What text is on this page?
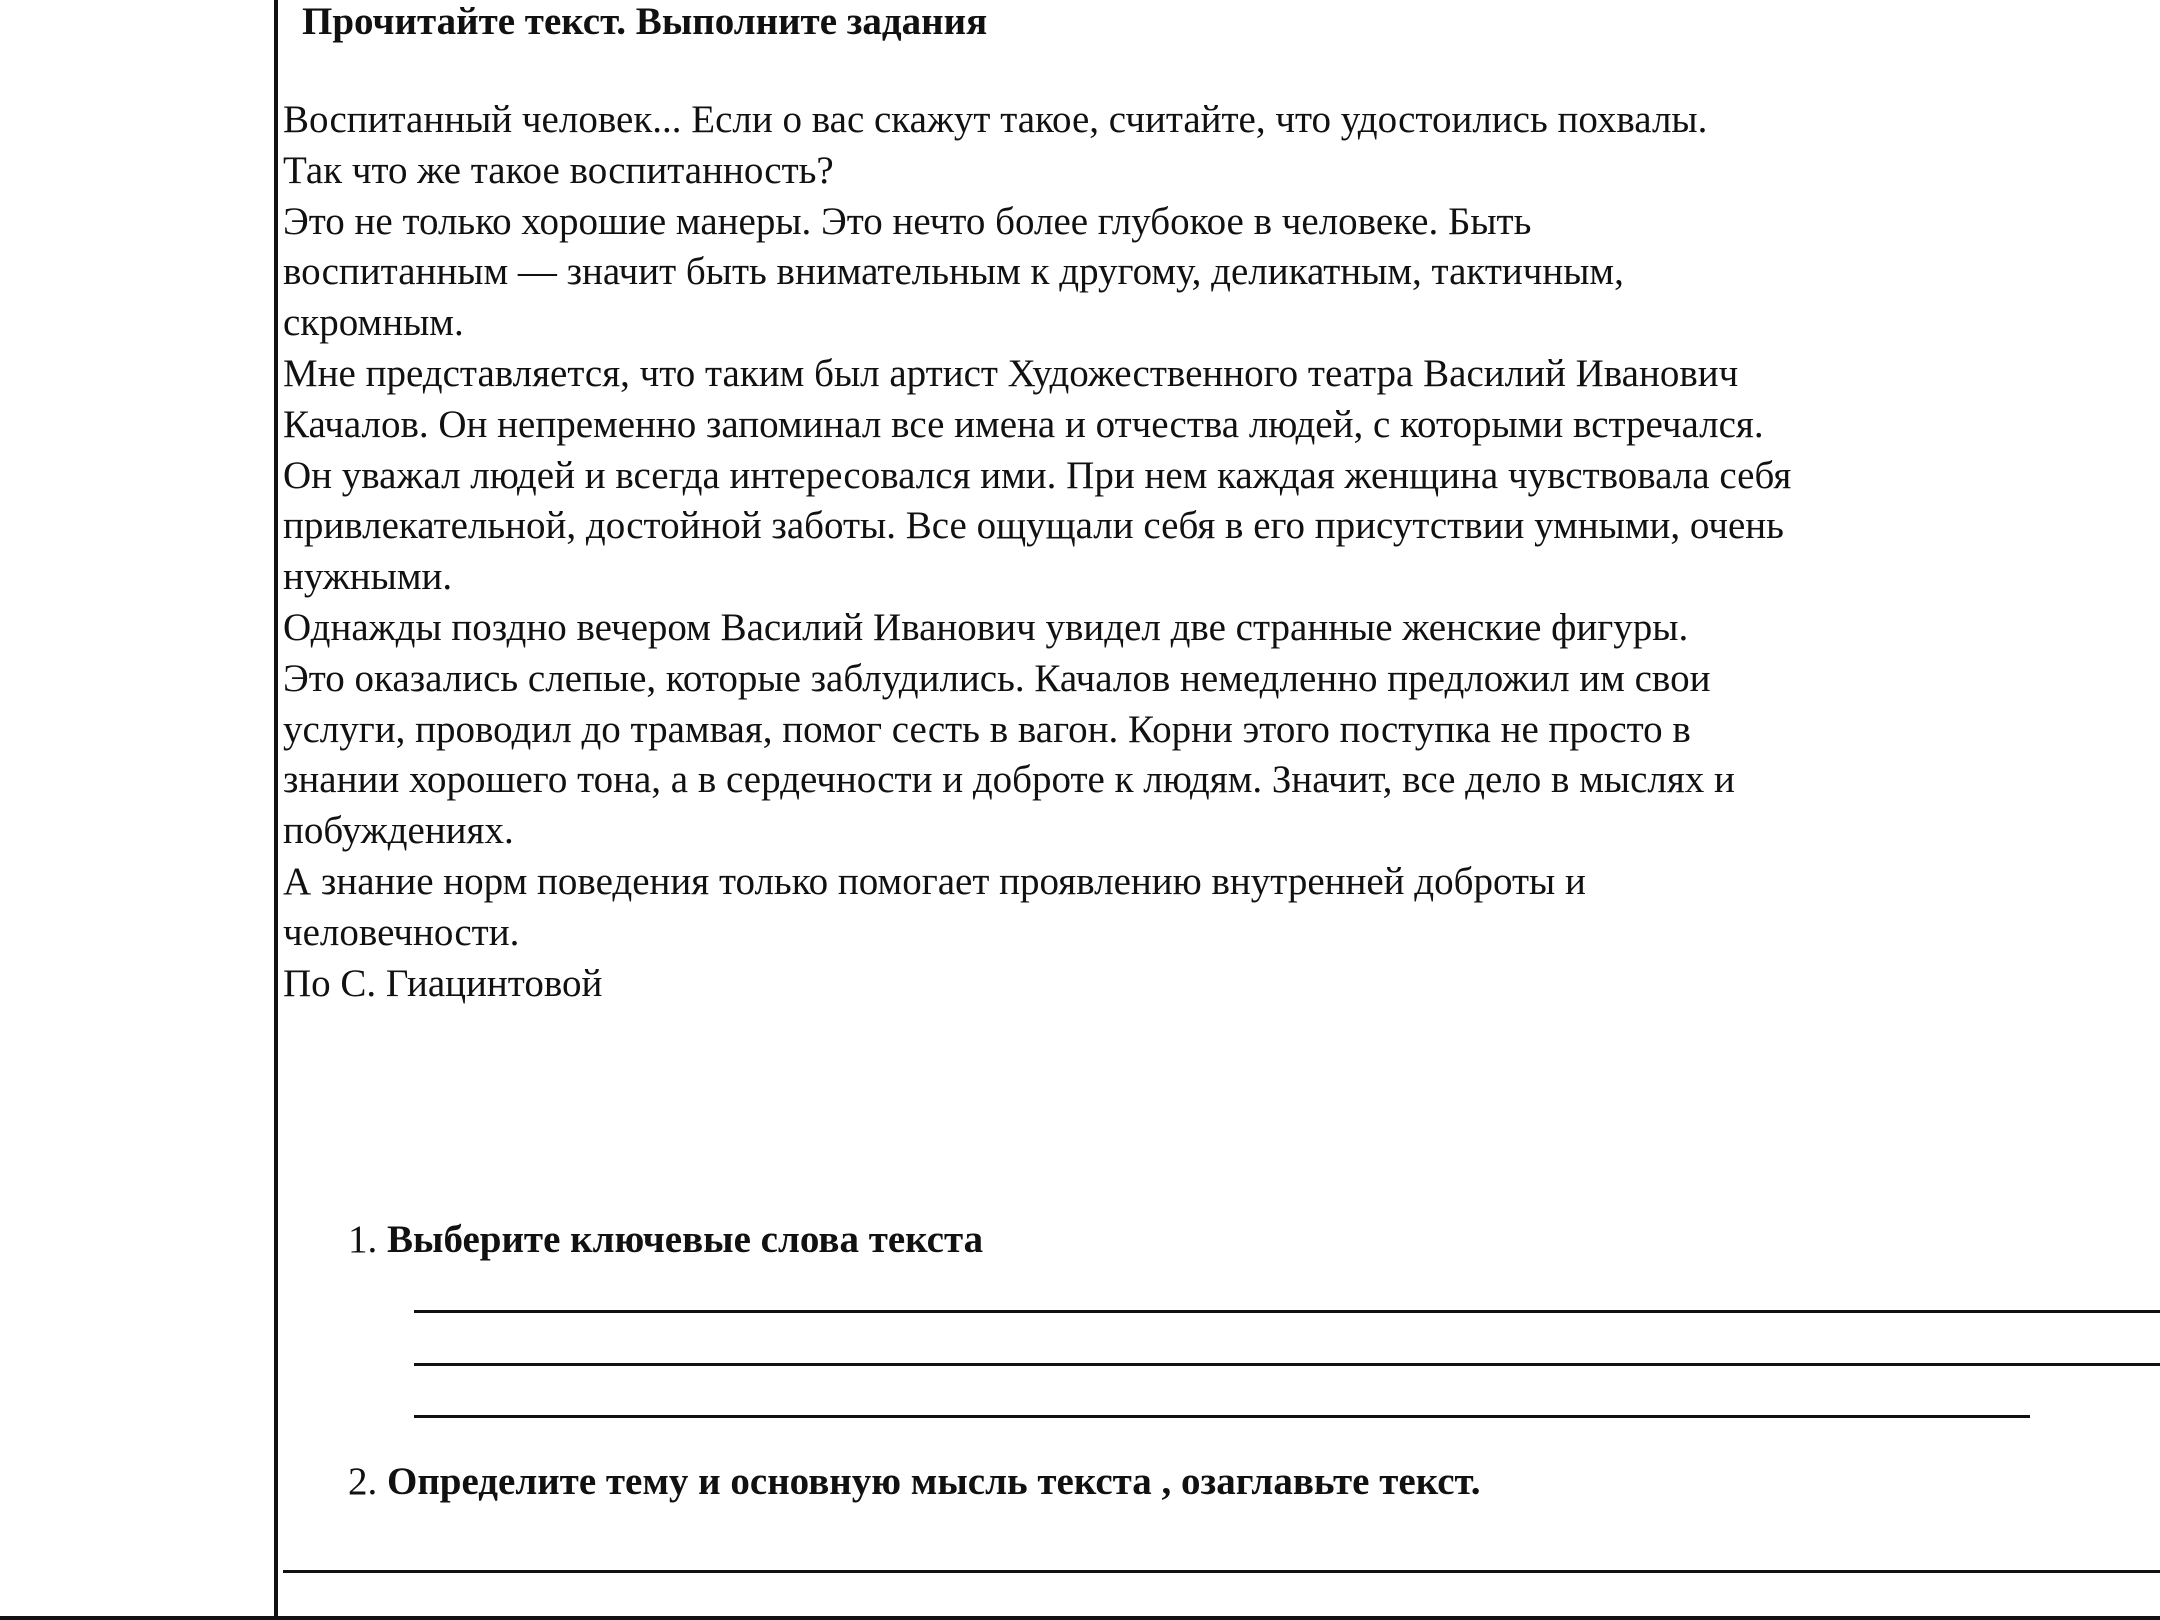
Прочитайте текст. Выполните задания
Воспитанный человек... Если о вас скажут такое, считайте, что удостоились похвалы.
Так что же такое воспитанность?
Это не только хорошие манеры. Это нечто более глубокое в человеке. Быть
воспитанным — значит быть внимательным к другому, деликатным, тактичным,
скромным.
Мне представляется, что таким был артист Художественного театра Василий Иванович
Качалов. Он непременно запоминал все имена и отчества людей, с которыми встречался.
Он уважал людей и всегда интересовался ими. При нем каждая женщина чувствовала себя
привлекательной, достойной заботы. Все ощущали себя в его присутствии умными, очень
нужными.
Однажды поздно вечером Василий Иванович увидел две странные женские фигуры.
Это оказались слепые, которые заблудились. Качалов немедленно предложил им свои
услуги, проводил до трамвая, помог сесть в вагон. Корни этого поступка не просто в
знании хорошего тона, а в сердечности и доброте к людям. Значит, все дело в мыслях и
побуждениях.
А знание норм поведения только помогает проявлению внутренней доброты и
человечности.
По С. Гиацинтовой
1. Выберите ключевые слова текста
2. Определите тему и основную мысль текста , озаглавьте текст.
